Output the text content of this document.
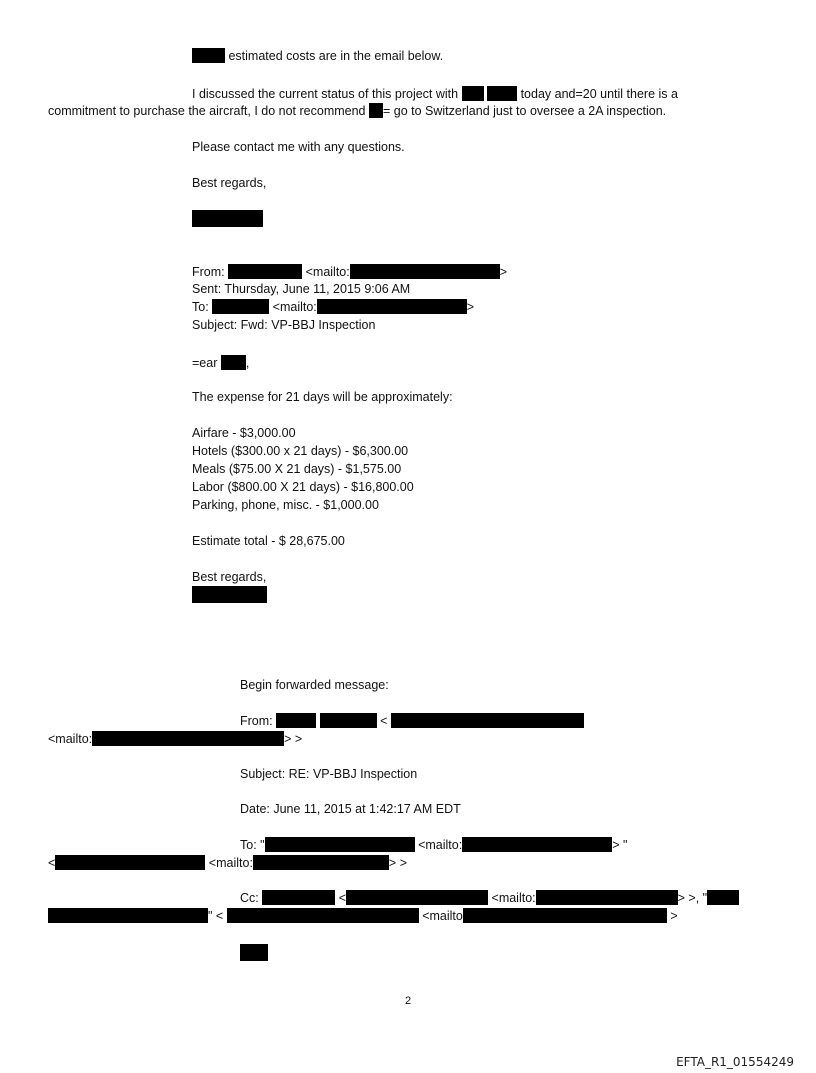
estimated costs are in the email below.
I discussed the current status of this project with	today and=20 until there is a
commitment to purchase the aircraft, I do not recommend = go to Switzerland just to oversee a 2A inspection.
Please contact me with any questions.
Best regards,
From:	<mailto:	>
Sent: Thursday, June 11, 2015 9:06 AM
To:	<mailto:	>
Subject: Fwd: VP-BBJ Inspection
=ear ,
The expense for 21 days will be approximately:
Airfare - $3,000.00
Hotels ($300.00 x 21 days) - $6,300.00
Meals ($75.00 X 21 days) - $1,575.00
Labor ($800.00 X 21 days) - $16,800.00
Parking, phone, misc. - $1,000.00
Estimate total - $ 28,675.00
Best regards,
Begin forwarded message:
From:	<
<mailto:	> >
Subject: RE: VP-BBJ Inspection
Date: June 11, 2015 at 1:42:17 AM EDT
To: "	<mailto:	> "
<	<mailto:	> >
Cc:	<	<mailto:	> >, "
" <	<mailto	>
2
EFTA_R1_01554249
